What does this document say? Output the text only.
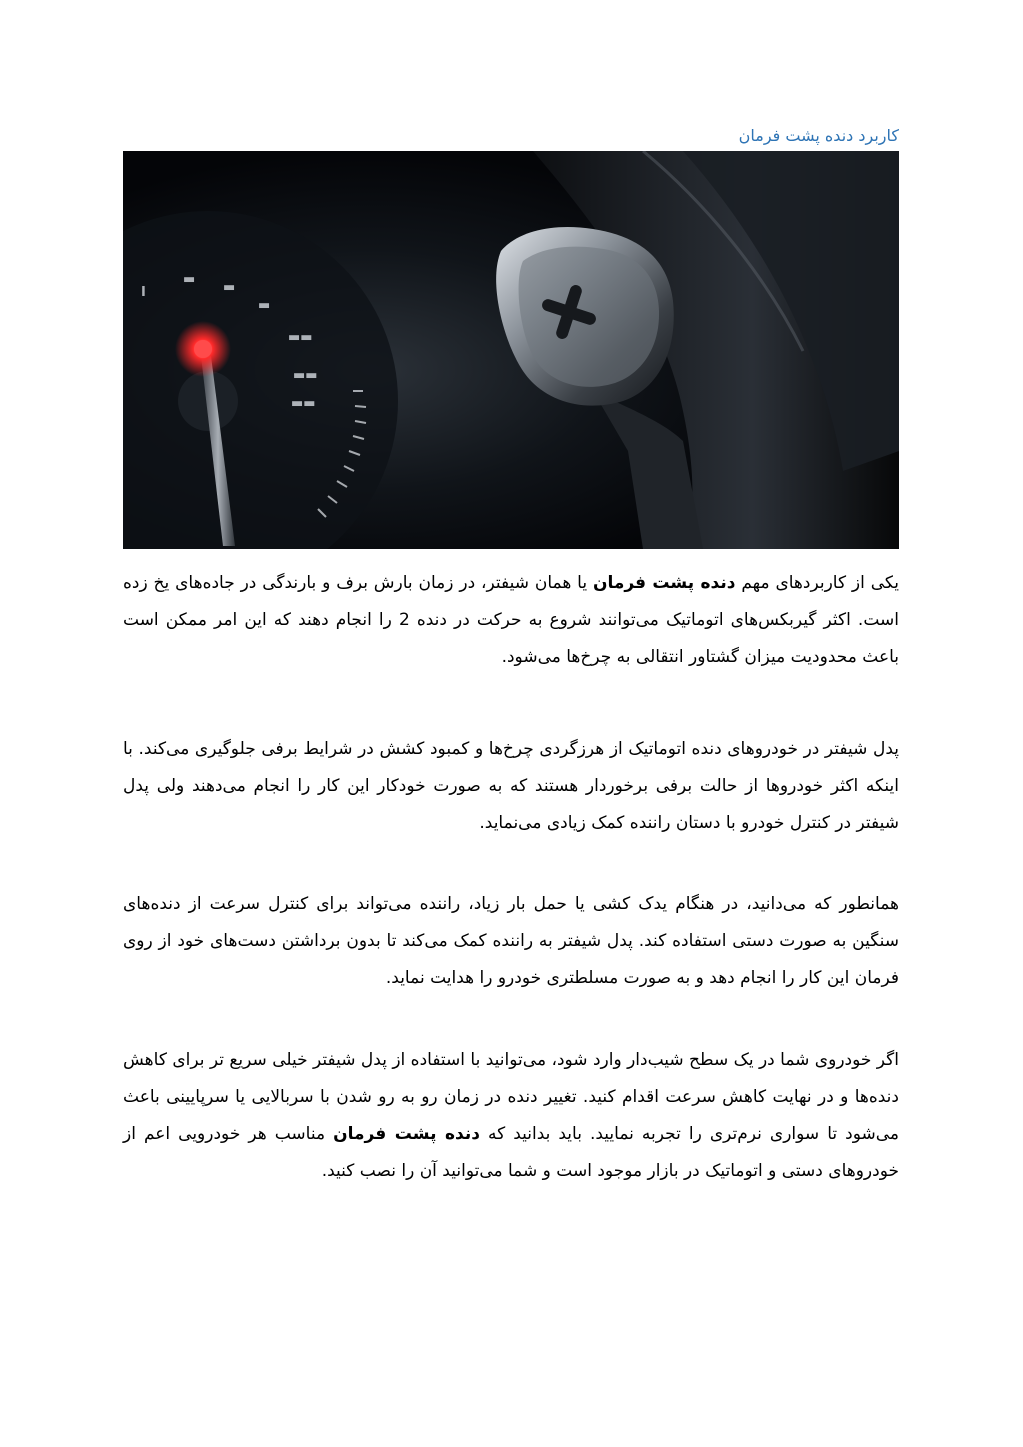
کاربرد دنده پشت فرمان
Ⅰ
▬
▬
▬
▬▬
▬▬
▬▬

یکی از کاربردهای مهم دنده پشت فرمان یا همان شیفتر، در زمان بارش برف و بارندگی در جاده‌های یخ زده است. اکثر گیربکس‌های اتوماتیک می‌توانند شروع به حرکت در دنده 2 را انجام دهند که این امر ممکن است باعث محدودیت میزان گشتاور انتقالی به چرخ‌ها می‌شود.

پدل شیفتر در خودروهای دنده اتوماتیک از هرزگردی چرخ‌ها و کمبود کشش در شرایط برفی جلوگیری می‌کند. با اینکه اکثر خودروها از حالت برفی برخوردار هستند که به صورت خودکار این کار را انجام می‌دهند ولی پدل شیفتر در کنترل خودرو با دستان راننده کمک زیادی می‌نماید.

همانطور که می‌دانید، در هنگام یدک کشی یا حمل بار زیاد، راننده می‌تواند برای کنترل سرعت از دنده‌های سنگین به صورت دستی استفاده کند. پدل شیفتر به راننده کمک می‌کند تا بدون برداشتن دست‌های خود از روی فرمان این کار را انجام دهد و به صورت مسلطتری خودرو را هدایت نماید.

اگر خودروی شما در یک سطح شیب‌دار وارد شود، می‌توانید با استفاده از پدل شیفتر خیلی سریع تر برای کاهش دنده‌ها و در نهایت کاهش سرعت اقدام کنید. تغییر دنده در زمان رو به رو شدن با سربالایی یا سرپایینی باعث می‌شود تا سواری نرم‌تری را تجربه نمایید. باید بدانید که دنده پشت فرمان مناسب هر خودرویی اعم از خودروهای دستی و اتوماتیک در بازار موجود است و شما می‌توانید آن را نصب کنید.
